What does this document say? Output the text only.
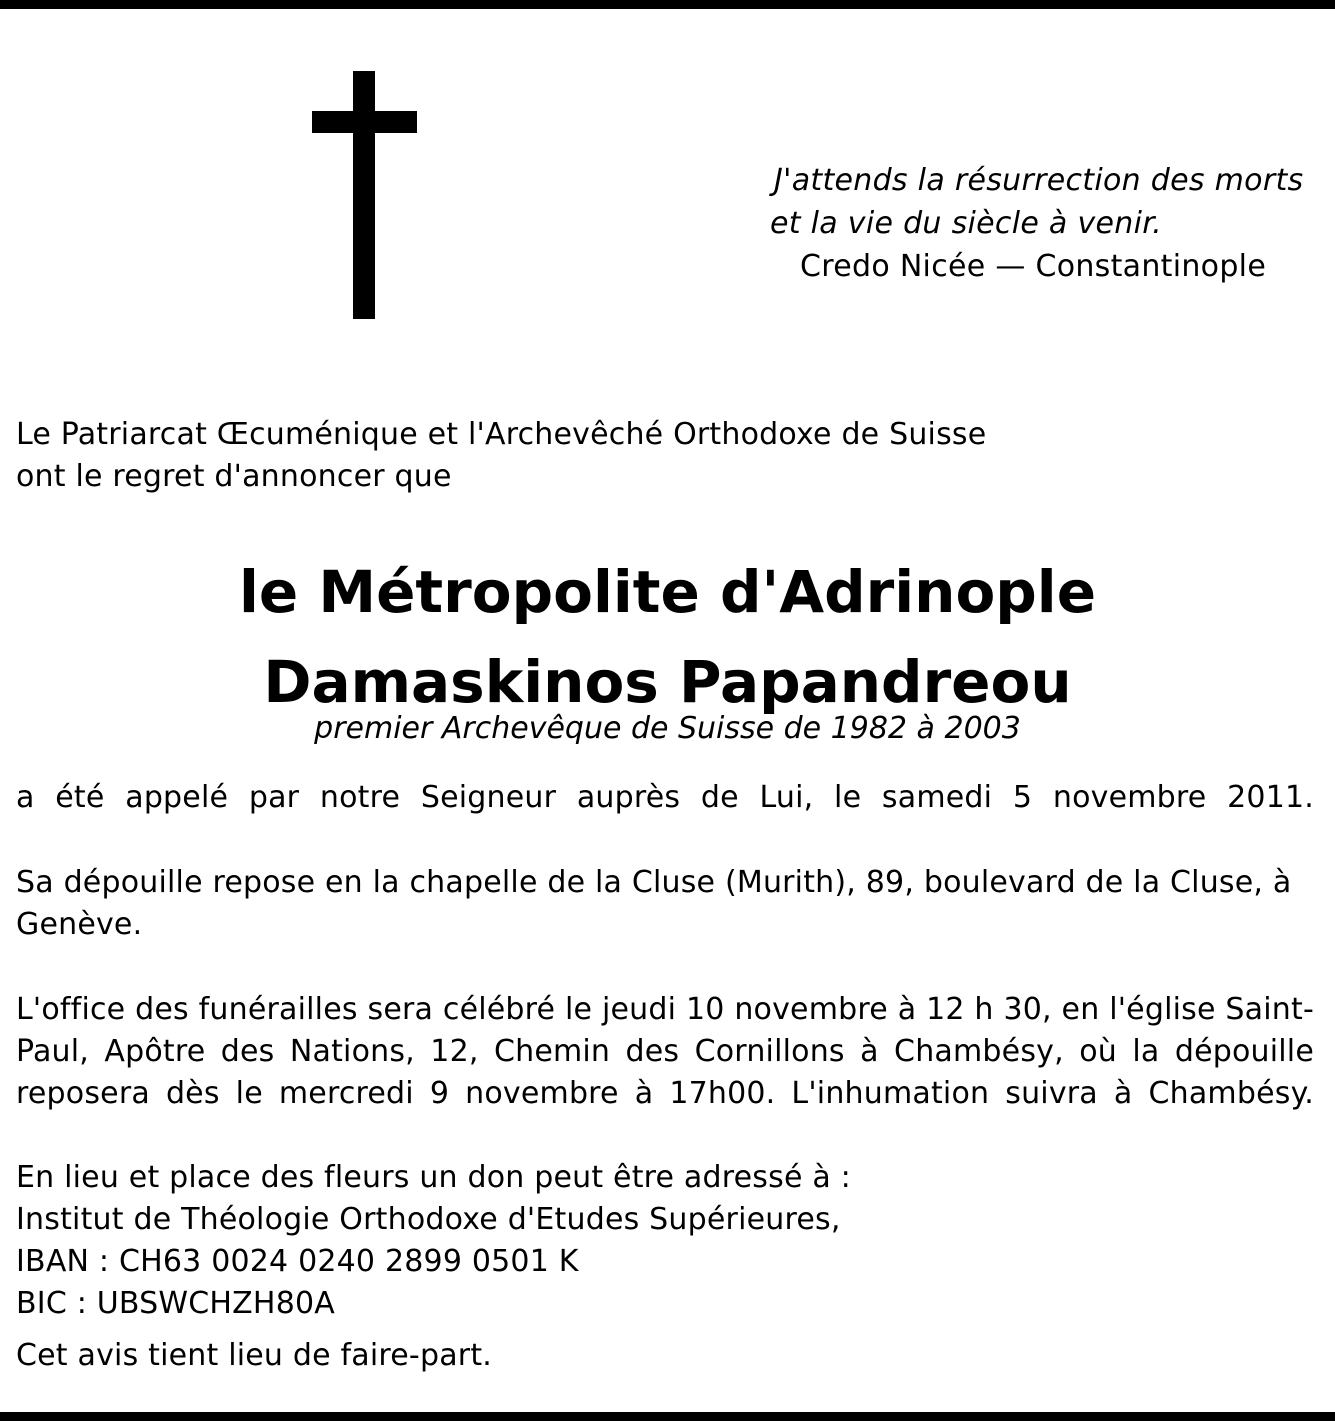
J'attends la résurrection des morts
et la vie du siècle à venir.
Credo Nicée — Constantinople
Le Patriarcat Œcuménique et l'Archevêché Orthodoxe de Suisse
ont le regret d'annoncer que
le Métropolite d'Adrinople
Damaskinos Papandreou
premier Archevêque de Suisse de 1982 à 2003
a été appelé par notre Seigneur auprès de Lui, le samedi 5 novembre 2011.
Sa dépouille repose en la chapelle de la Cluse (Murith), 89, boulevard de la Cluse, à Genève.
L'office des funérailles sera célébré le jeudi 10 novembre à 12 h 30, en l'église Saint-
Paul, Apôtre des Nations, 12, Chemin des Cornillons à Chambésy, où la dépouille
reposera dès le mercredi 9 novembre à 17h00. L'inhumation suivra à Chambésy.
En lieu et place des fleurs un don peut être adressé à :
Institut de Théologie Orthodoxe d'Etudes Supérieures,
IBAN : CH63 0024 0240 2899 0501 K
BIC : UBSWCHZH80A
Cet avis tient lieu de faire-part.
